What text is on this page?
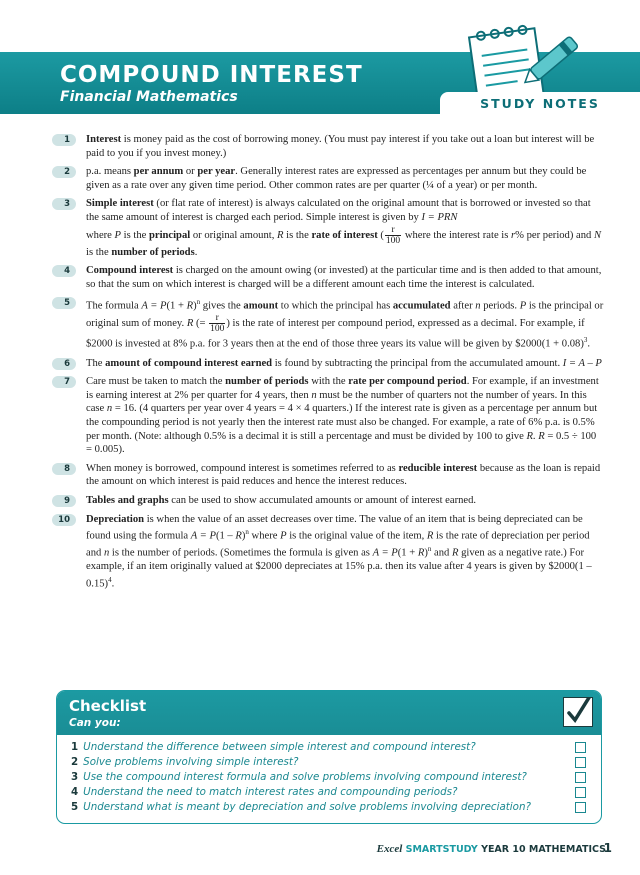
COMPOUND INTEREST
Financial Mathematics	STUDY NOTES
1	Interest is money paid as the cost of borrowing money. (You must pay interest if you take out a loan but interest will be paid to you if you invest money.)
2	p.a. means per annum or per year. Generally interest rates are expressed as percentages per annum but they could be given as a rate over any given time period. Other common rates are per quarter (¼ of a year) or per month.
3	Simple interest (or flat rate of interest) is always calculated on the original amount that is borrowed or invested so that the same amount of interest is charged each period. Simple interest is given by I = PRN
where P is the principal or original amount, R is the rate of interest ( $\frac{r}{100}$ where the interest rate is r% per period) and N is the number of periods.
4	Compound interest is charged on the amount owing (or invested) at the particular time and is then added to that amount, so that the sum on which interest is charged will be a different amount each time the interest is calculated.
5	The formula $A = P(1 + R)^n$ gives the amount to which the principal has accumulated after n periods. P is the principal or original sum of money. R (= $\frac{r}{100}$ ) is the rate of interest per compound period, expressed as a decimal. For example, if $2000 is invested at 8% p.a. for 3 years then at the end of those three years its value will be given by $2000(1 + 0.08)$^3$.
6	The amount of compound interest earned is found by subtracting the principal from the accumulated amount. I = A – P
7	Care must be taken to match the number of periods with the rate per compound period. For example, if an investment is earning interest at 2% per quarter for 4 years, then n must be the number of quarters not the number of years. In this case n = 16. (4 quarters per year over 4 years = 4 × 4 quarters.) If the interest rate is given as a percentage per annum but the compounding period is not yearly then the interest rate must also be changed. For example, a rate of 6% p.a. is 0.5% per month. (Note: although 0.5% is a decimal it is still a percentage and must be divided by 100 to give R. R = 0.5 ÷ 100 = 0.005).
8	When money is borrowed, compound interest is sometimes referred to as reducible interest because as the loan is repaid the amount on which interest is paid reduces and hence the interest reduces.
9	Tables and graphs can be used to show accumulated amounts or amount of interest earned.
10	Depreciation is when the value of an asset decreases over time. The value of an item that is being depreciated can be found using the formula A = P(1 – R)$^n$ where P is the original value of the item, R is the rate of depreciation per period and n is the number of periods. (Sometimes the formula is given as $A = P(1 + R)^n$ and R given as a negative rate.) For example, if an item originally valued at $2000 depreciates at 15% p.a. then its value after 4 years is given by $2000(1 – 0.15)$^4$.
Checklist
Can you:
1 Understand the difference between simple interest and compound interest?
2 Solve problems involving simple interest?
3 Use the compound interest formula and solve problems involving compound interest?
4 Understand the need to match interest rates and compounding periods?
5 Understand what is meant by depreciation and solve problems involving depreciation?
Excel SMARTSTUDY YEAR 10 MATHEMATICS
1
